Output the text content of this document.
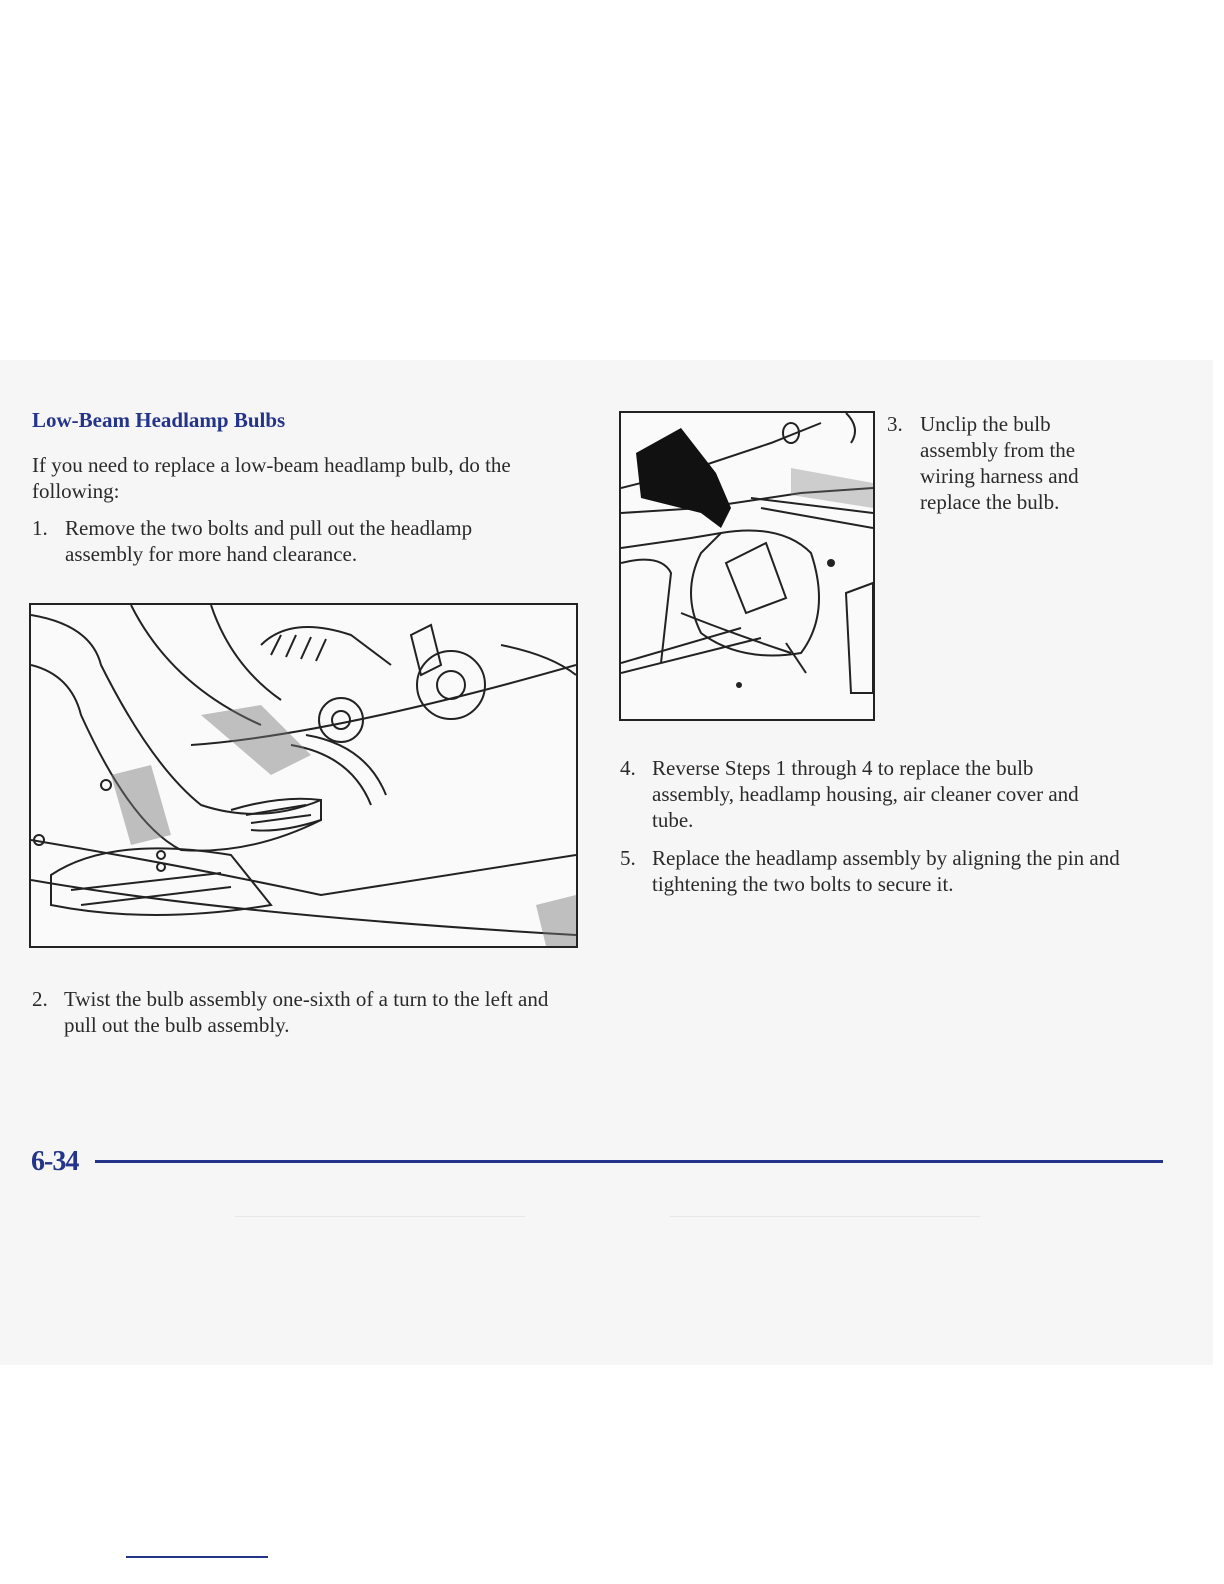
Low-Beam Headlamp Bulbs

If you need to replace a low-beam headlamp bulb, do the following:

1. Remove the two bolts and pull out the headlamp assembly for more hand clearance.
2. Twist the bulb assembly one-sixth of a turn to the left and pull out the bulb assembly.
3. Unclip the bulb assembly from the wiring harness and replace the bulb.
4. Reverse Steps 1 through 4 to replace the bulb assembly, headlamp housing, air cleaner cover and tube.
5. Replace the headlamp assembly by aligning the pin and tightening the two bolts to secure it.

6-34
